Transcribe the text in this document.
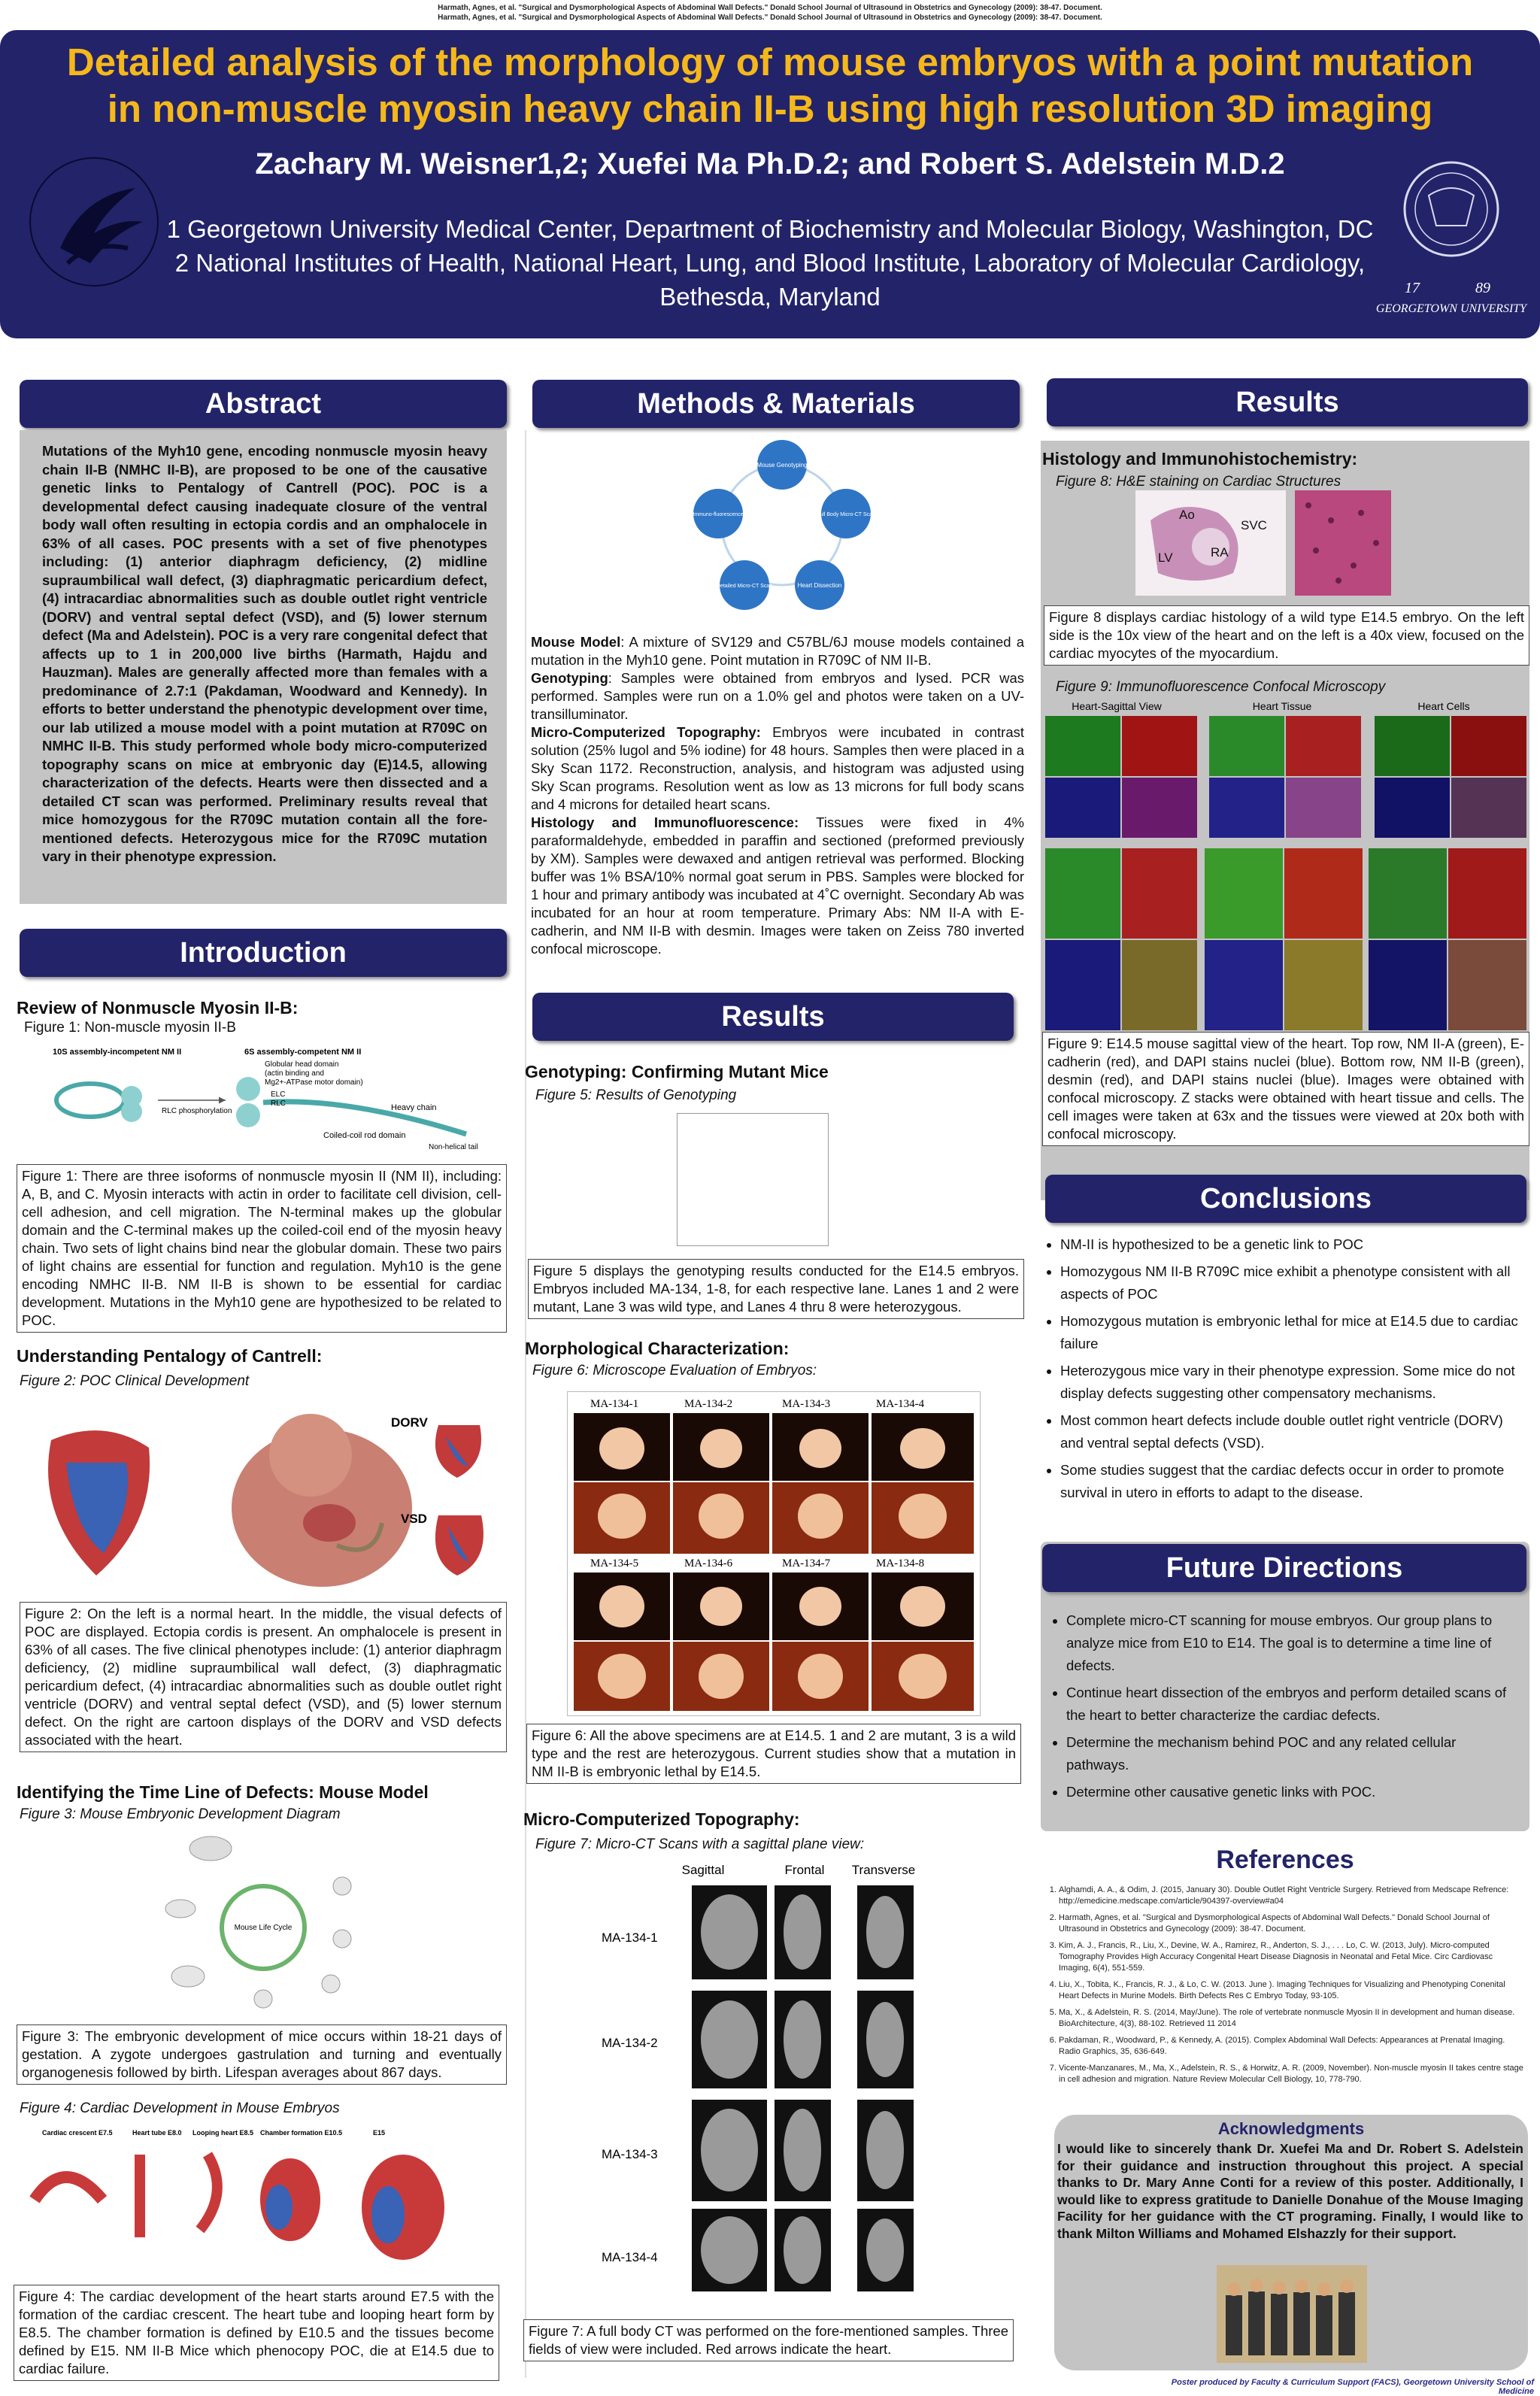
Harmath, Agnes, et al. "Surgical and Dysmorphological Aspects of Abdominal Wall Defects." Donald School Journal of Ultrasound in Obstetrics and Gynecology (2009): 38-47. Document.
Harmath, Agnes, et al. "Surgical and Dysmorphological Aspects of Abdominal Wall Defects." Donald School Journal of Ultrasound in Obstetrics and Gynecology (2009): 38-47. Document.
Detailed analysis of the morphology of mouse embryos with a point mutation
in non-muscle myosin heavy chain II-B using high resolution 3D imaging
Zachary M. Weisner1,2; Xuefei Ma Ph.D.2; and Robert S. Adelstein M.D.2
1 Georgetown University Medical Center, Department of Biochemistry and Molecular Biology, Washington, DC
2 National Institutes of Health, National Heart, Lung, and Blood Institute, Laboratory of Molecular Cardiology,
Bethesda, Maryland	17	89
GEORGETOWN UNIVERSITY
Abstract
Mutations of the Myh10 gene, encoding nonmuscle myosin heavy chain II-B (NMHC II-B), are proposed to be one of the causative genetic links to Pentalogy of Cantrell (POC). POC is a developmental defect causing inadequate closure of the ventral body wall often resulting in ectopia cordis and an omphalocele in 63% of all cases. POC presents with a set of five phenotypes including: (1) anterior diaphragm deficiency, (2) midline supraumbilical wall defect, (3) diaphragmatic pericardium defect, (4) intracardiac abnormalities such as double outlet right ventricle (DORV) and ventral septal defect (VSD), and (5) lower sternum defect (Ma and Adelstein). POC is a very rare congenital defect that affects up to 1 in 200,000 live births (Harmath, Hajdu and Hauzman). Males are generally affected more than females with a predominance of 2.7:1 (Pakdaman, Woodward and Kennedy). In efforts to better understand the phenotypic development over time, our lab utilized a mouse model with a point mutation at R709C on NMHC II-B. This study performed whole body micro-computerized topography scans on mice at embryonic day (E)14.5, allowing characterization of the defects. Hearts were then dissected and a detailed CT scan was performed. Preliminary results reveal that mice homozygous for the R709C mutation contain all the fore- mentioned defects. Heterozygous mice for the R709C mutation vary in their phenotype expression.
Introduction
Review of Nonmuscle Myosin II-B:
Figure 1: Non-muscle myosin II-B
10S assembly-incompetent NM II	6S assembly-competent NM II
RLC phosphorylation
Globular head domain
(actin binding and
Mg2+-ATPase motor domain)
ELC
RLC	Heavy chain
Coiled-coil rod domain
Non-helical tail
Figure 1: There are three isoforms of nonmuscle myosin II (NM II), including: A, B, and C. Myosin interacts with actin in order to facilitate cell division, cell-cell adhesion, and cell migration. The N-terminal makes up the globular domain and the C-terminal makes up the coiled-coil end of the myosin heavy chain. Two sets of light chains bind near the globular domain. These two pairs of light chains are essential for function and regulation. Myh10 is the gene encoding NMHC II-B. NM II-B is shown to be essential for cardiac development. Mutations in the Myh10 gene are hypothesized to be related to POC.
Understanding Pentalogy of Cantrell:
Figure 2: POC Clinical Development
DORV
VSD
Figure 2: On the left is a normal heart. In the middle, the visual defects of POC are displayed. Ectopia cordis is present. An omphalocele is present in 63% of all cases. The five clinical phenotypes include: (1) anterior diaphragm deficiency, (2) midline supraumbilical wall defect, (3) diaphragmatic pericardium defect, (4) intracardiac abnormalities such as double outlet right ventricle (DORV) and ventral septal defect (VSD), and (5) lower sternum defect. On the right are cartoon displays of the DORV and VSD defects associated with the heart.
Identifying the Time Line of Defects: Mouse Model
Figure 3: Mouse Embryonic Development Diagram
Mouse Life Cycle
Figure 3: The embryonic development of mice occurs within 18-21 days of gestation. A zygote undergoes gastrulation and turning and eventually organogenesis followed by birth. Lifespan averages about 867 days.
Figure 4: Cardiac Development in Mouse Embryos
Cardiac crescent E7.5	Heart tube E8.0 Looping heart E8.5 Chamber formation E10.5	E15
Figure 4: The cardiac development of the heart starts around E7.5 with the formation of the cardiac crescent. The heart tube and looping heart form by E8.5. The chamber formation is defined by E10.5 and the tissues become defined by E15. NM II-B Mice which phenocopy POC, die at E14.5 due to cardiac failure.
Methods & Materials
Mouse Genotyping
Full Body Micro-CT Scan
Heart Dissection
Detailed Micro-CT Scan
Immuno-fluorescence
Mouse Model: A mixture of SV129 and C57BL/6J mouse models contained a mutation in the Myh10 gene. Point mutation in R709C of NM II-B.
Genotyping: Samples were obtained from embryos and lysed. PCR was performed. Samples were run on a 1.0% gel and photos were taken on a UV-transilluminator.
Micro-Computerized Topography: Embryos were incubated in contrast solution (25% lugol and 5% iodine) for 48 hours. Samples then were placed in a Sky Scan 1172. Reconstruction, analysis, and histogram was adjusted using Sky Scan programs. Resolution went as low as 13 microns for full body scans and 4 microns for detailed heart scans.
Histology and Immunofluorescence: Tissues were fixed in 4% paraformaldehyde, embedded in paraffin and sectioned (preformed previously by XM). Samples were dewaxed and antigen retrieval was performed. Blocking buffer was 1% BSA/10% normal goat serum in PBS. Samples were blocked for 1 hour and primary antibody was incubated at 4˚C overnight. Secondary Ab was incubated for an hour at room temperature. Primary Abs: NM II-A with E-cadherin, and NM II-B with desmin. Images were taken on Zeiss 780 inverted confocal microscope.
Results
Genotyping: Confirming Mutant Mice
Figure 5: Results of Genotyping
Figure 5 displays the genotyping results conducted for the E14.5 embryos. Embryos included MA-134, 1-8, for each respective lane. Lanes 1 and 2 were mutant, Lane 3 was wild type, and Lanes 4 thru 8 were heterozygous.
Morphological Characterization:
Figure 6: Microscope Evaluation of Embryos:
MA-134-1	MA-134-2	MA-134-3	MA-134-4
MA-134-5	MA-134-6	MA-134-7	MA-134-8
Figure 6: All the above specimens are at E14.5. 1 and 2 are mutant, 3 is a wild type and the rest are heterozygous. Current studies show that a mutation in NM II-B is embryonic lethal by E14.5.
Micro-Computerized Topography:
Figure 7: Micro-CT Scans with a sagittal plane view:
Sagittal	Frontal Transverse
MA-134-1
MA-134-2
MA-134-3
MA-134-4
Figure 7: A full body CT was performed on the fore-mentioned samples. Three fields of view were included. Red arrows indicate the heart.
Results
Histology and Immunohistochemistry:
Figure 8: H&E staining on Cardiac Structures
Ao
SVC
LV	RA
Figure 8 displays cardiac histology of a wild type E14.5 embryo. On the left side is the 10x view of the heart and on the left is a 40x view, focused on the cardiac myocytes of the myocardium.
Figure 9: Immunofluorescence Confocal Microscopy
Heart-Sagittal View	Heart Tissue	Heart Cells
Figure 9: E14.5 mouse sagittal view of the heart. Top row, NM II-A (green), E-cadherin (red), and DAPI stains nuclei (blue). Bottom row, NM II-B (green), desmin (red), and DAPI stains nuclei (blue). Images were obtained with confocal microscopy. Z stacks were obtained with heart tissue and cells. The cell images were taken at 63x and the tissues were viewed at 20x both with confocal microscopy.
Conclusions
• NM-II is hypothesized to be a genetic link to POC
• Homozygous NM II-B R709C mice exhibit a phenotype consistent with all aspects of POC
• Homozygous mutation is embryonic lethal for mice at E14.5 due to cardiac failure
• Heterozygous mice vary in their phenotype expression. Some mice do not display defects suggesting other compensatory mechanisms.
• Most common heart defects include double outlet right ventricle (DORV) and ventral septal defects (VSD).
• Some studies suggest that the cardiac defects occur in order to promote survival in utero in efforts to adapt to the disease.
Future Directions
• Complete micro-CT scanning for mouse embryos. Our group plans to analyze mice from E10 to E14. The goal is to determine a time line of defects.
• Continue heart dissection of the embryos and perform detailed scans of the heart to better characterize the cardiac defects.
• Determine the mechanism behind POC and any related cellular pathways.
• Determine other causative genetic links with POC.
References
1. Alghamdi, A. A., & Odim, J. (2015, January 30). Double Outlet Right Ventricle Surgery. Retrieved from Medscape Refrence: http://emedicine.medscape.com/article/904397-overview#a04
2. Harmath, Agnes, et al. "Surgical and Dysmorphological Aspects of Abdominal Wall Defects." Donald School Journal of Ultrasound in Obstetrics and Gynecology (2009): 38-47. Document.
3. Kim, A. J., Francis, R., Liu, X., Devine, W. A., Ramirez, R., Anderton, S. J., . . . Lo, C. W. (2013, July). Micro-computed Tomography Provides High Accuracy Congenital Heart Disease Diagnosis in Neonatal and Fetal Mice. Circ Cardiovasc Imaging, 6(4), 551-559.
4. Liu, X., Tobita, K., Francis, R. J., & Lo, C. W. (2013. June ). Imaging Techniques for Visualizing and Phenotyping Conenital Heart Defects in Murine Models. Birth Defects Res C Embryo Today, 93-105.
5. Ma, X., & Adelstein, R. S. (2014, May/June). The role of vertebrate nonmuscle Myosin II in development and human disease. BioArchitecture, 4(3), 88-102. Retrieved 11 2014
6. Pakdaman, R., Woodward, P., & Kennedy, A. (2015). Complex Abdominal Wall Defects: Appearances at Prenatal Imaging. Radio Graphics, 35, 636-649.
7. Vicente-Manzanares, M., Ma, X., Adelstein, R. S., & Horwitz, A. R. (2009, November). Non-muscle myosin II takes centre stage in cell adhesion and migration. Nature Review Molecular Cell Biology, 10, 778-790.
Acknowledgments
I would like to sincerely thank Dr. Xuefei Ma and Dr. Robert S. Adelstein for their guidance and instruction throughout this project. A special thanks to Dr. Mary Anne Conti for a review of this poster. Additionally, I would like to express gratitude to Danielle Donahue of the Mouse Imaging Facility for her guidance with the CT programing. Finally, I would like to thank Milton Williams and Mohamed Elshazzly for their support.
Poster produced by Faculty & Curriculum Support (FACS), Georgetown University School of Medicine
